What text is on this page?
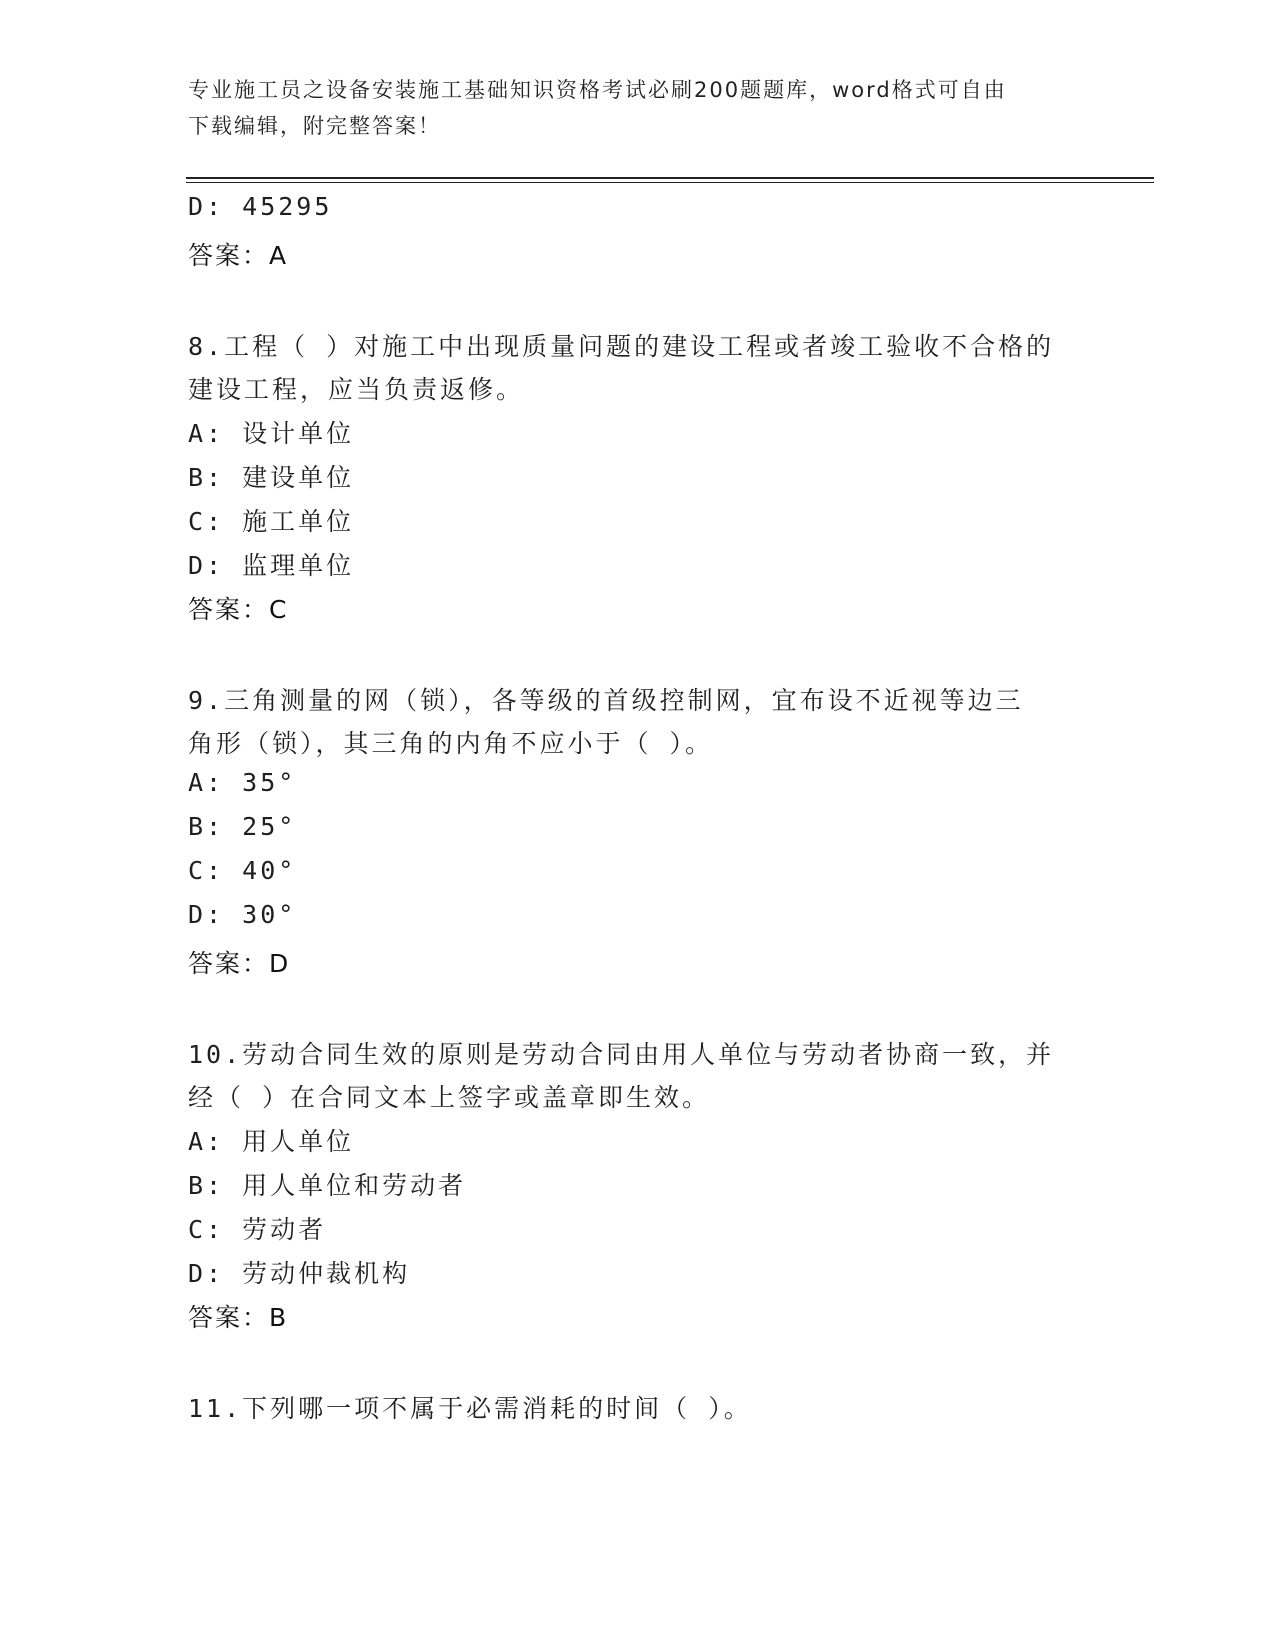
专业施工员之设备安装施工基础知识资格考试必刷200题题库，word格式可自由
下载编辑，附完整答案！
D: 45295
答案：A
8.工程（ ）对施工中出现质量问题的建设工程或者竣工验收不合格的
建设工程，应当负责返修。
A: 设计单位
B: 建设单位
C: 施工单位
D: 监理单位
答案：C
9.三角测量的网（锁），各等级的首级控制网，宜布设不近视等边三
角形（锁），其三角的内角不应小于（ ）。
A: 35°
B: 25°
C: 40°
D: 30°
答案：D
10.劳动合同生效的原则是劳动合同由用人单位与劳动者协商一致，并
经（ ）在合同文本上签字或盖章即生效。
A: 用人单位
B: 用人单位和劳动者
C: 劳动者
D: 劳动仲裁机构
答案：B
11.下列哪一项不属于必需消耗的时间（ ）。
